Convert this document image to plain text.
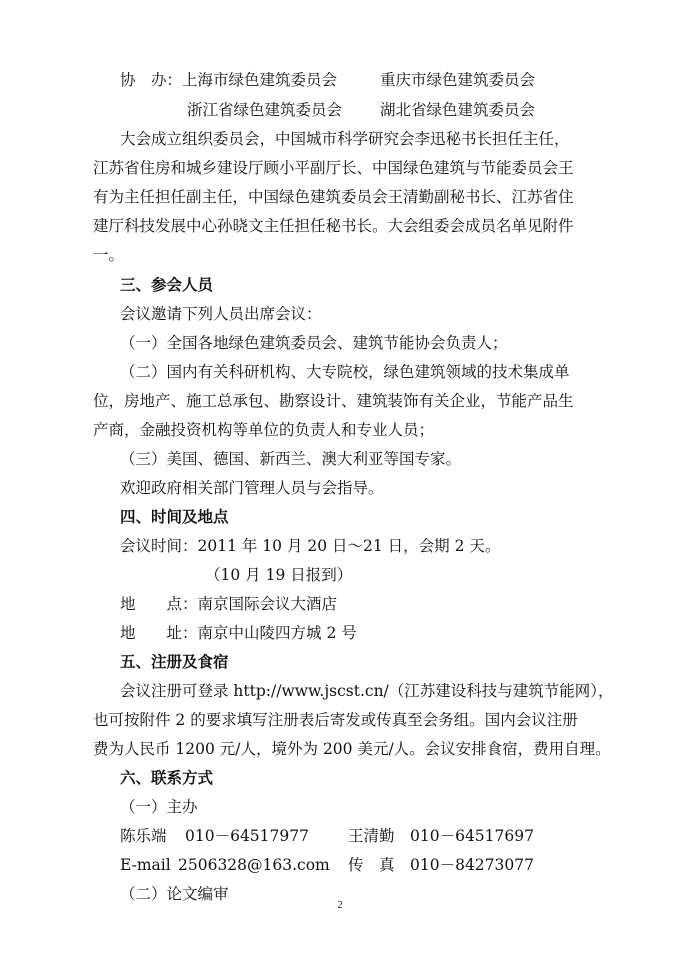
协　办：上海市绿色建筑委员会	重庆市绿色建筑委员会
浙江省绿色建筑委员会 湖北省绿色建筑委员会
大会成立组织委员会，中国城市科学研究会李迅秘书长担任主任，
江苏省住房和城乡建设厅顾小平副厅长、中国绿色建筑与节能委员会王
有为主任担任副主任，中国绿色建筑委员会王清勤副秘书长、江苏省住
建厅科技发展中心孙晓文主任担任秘书长。大会组委会成员名单见附件
一。
三、参会人员
会议邀请下列人员出席会议：
（一）全国各地绿色建筑委员会、建筑节能协会负责人；
（二）国内有关科研机构、大专院校，绿色建筑领域的技术集成单
位，房地产、施工总承包、勘察设计、建筑装饰有关企业，节能产品生
产商，金融投资机构等单位的负责人和专业人员；
（三）美国、德国、新西兰、澳大利亚等国专家。
欢迎政府相关部门管理人员与会指导。
四、时间及地点
会议时间：2011 年 10 月 20 日～21 日，会期 2 天。
（10 月 19 日报到）
地　　点：南京国际会议大酒店
地　　址：南京中山陵四方城 2 号
五、注册及食宿
会议注册可登录 http://www.jscst.cn/（江苏建设科技与建筑节能网），
也可按附件 2 的要求填写注册表后寄发或传真至会务组。国内会议注册
费为人民币 1200 元/人，境外为 200 美元/人。会议安排食宿，费用自理。
六、联系方式
（一）主办
陈乐端 010－64517977	王清勤 010－64517697
E-mail 2506328@163.com 传　真 010－84273077
（二）论文编审
2
